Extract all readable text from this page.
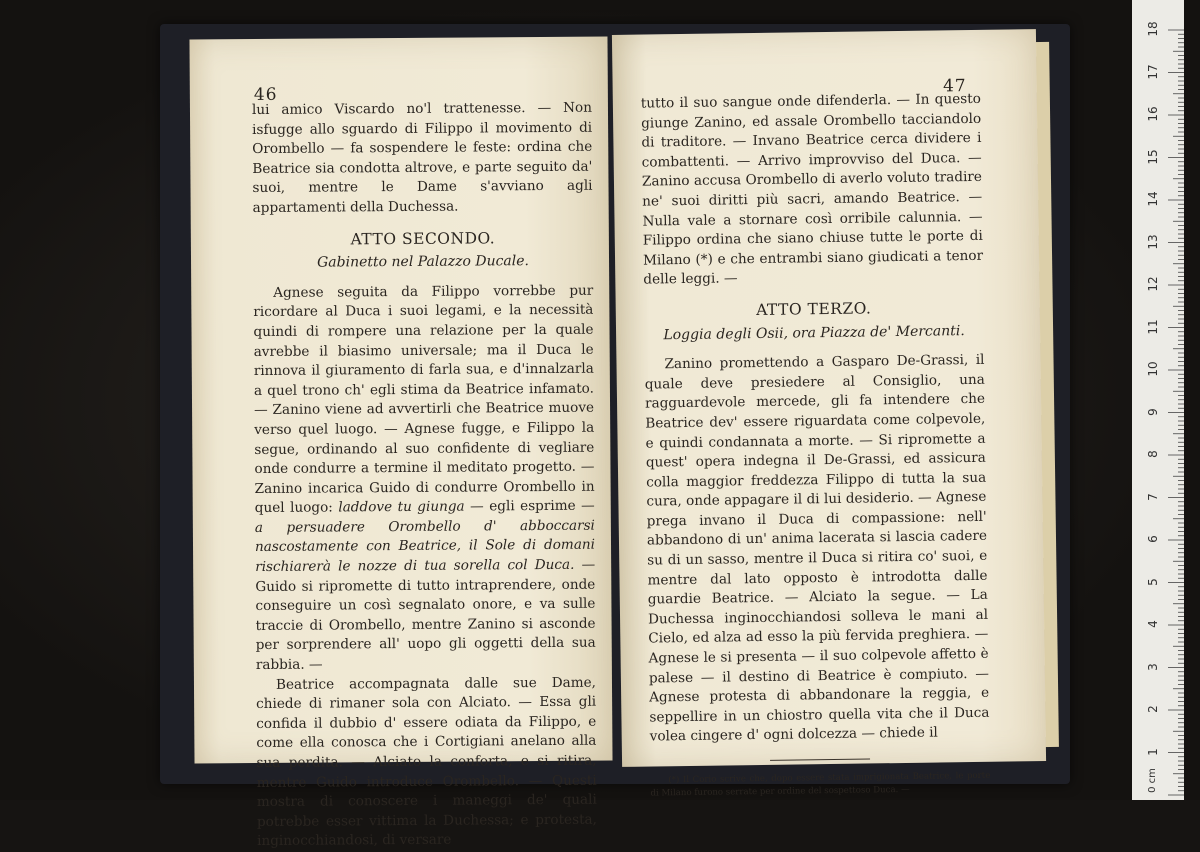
46

lui amico Viscardo no'l trattenesse. — Non isfugge allo sguardo di Filippo il movimento di Orombello — fa sospendere le feste: ordina che Beatrice sia condotta altrove, e parte seguito da' suoi, mentre le Dame s'avviano agli appartamenti della Duchessa.

ATTO SECONDO.
Gabinetto nel Palazzo Ducale.

Agnese seguita da Filippo vorrebbe pur ricordare al Duca i suoi legami, e la necessità quindi di rompere una relazione per la quale avrebbe il biasimo universale; ma il Duca le rinnova il giuramento di farla sua, e d'innalzarla a quel trono ch' egli stima da Beatrice infamato. — Zanino viene ad avvertirli che Beatrice muove verso quel luogo. — Agnese fugge, e Filippo la segue, ordinando al suo confidente di vegliare onde condurre a termine il meditato progetto. — Zanino incarica Guido di condurre Orombello in quel luogo: laddove tu giunga — egli esprime — a persuadere Orombello d' abboccarsi nascostamente con Beatrice, il Sole di domani rischiarerà le nozze di tua sorella col Duca. — Guido si ripromette di tutto intraprendere, onde conseguire un così segnalato onore, e va sulle traccie di Orombello, mentre Zanino si asconde per sorprendere all' uopo gli oggetti della sua rabbia. —

Beatrice accompagnata dalle sue Dame, chiede di rimaner sola con Alciato. — Essa gli confida il dubbio d' essere odiata da Filippo, e come ella conosca che i Cortigiani anelano alla sua perdita. — Alciato la conforta, e si ritira, mentre Guido introduce Orombello. — Questi mostra di conoscere i maneggi de' quali potrebbe esser vittima la Duchessa; e protesta, inginocchiandosi, di versare

47

tutto il suo sangue onde difenderla. — In questo giunge Zanino, ed assale Orombello tacciandolo di traditore. — Invano Beatrice cerca dividere i combattenti. — Arrivo improvviso del Duca. — Zanino accusa Orombello di averlo voluto tradire ne' suoi diritti più sacri, amando Beatrice. — Nulla vale a stornare così orribile calunnia. — Filippo ordina che siano chiuse tutte le porte di Milano (*) e che entrambi siano giudicati a tenor delle leggi. —

ATTO TERZO.
Loggia degli Osii, ora Piazza de' Mercanti.

Zanino promettendo a Gasparo De-Grassi, il quale deve presiedere al Consiglio, una ragguardevole mercede, gli fa intendere che Beatrice dev' essere riguardata come colpevole, e quindi condannata a morte. — Si ripromette a quest' opera indegna il De-Grassi, ed assicura colla maggior freddezza Filippo di tutta la sua cura, onde appagare il di lui desiderio. — Agnese prega invano il Duca di compassione: nell' abbandono di un' anima lacerata si lascia cadere su di un sasso, mentre il Duca si ritira co' suoi, e mentre dal lato opposto è introdotta dalle guardie Beatrice. — Alciato la segue. — La Duchessa inginocchiandosi solleva le mani al Cielo, ed alza ad esso la più fervida preghiera. — Agnese le si presenta — il suo colpevole affetto è palese — il destino di Beatrice è compiuto. — Agnese protesta di abbandonare la reggia, e seppellire in un chiostro quella vita che il Duca volea cingere d' ogni dolcezza — chiede il

(*) Il Corio scrive che, dopo essere stata imprigionata Beatrice, le porte di Milano furono serrate per ordine del sospettoso Duca. —	0 cm
18
17
16
15
14
13
12
11
10
9
8
7
6
5
4
3
2
1
